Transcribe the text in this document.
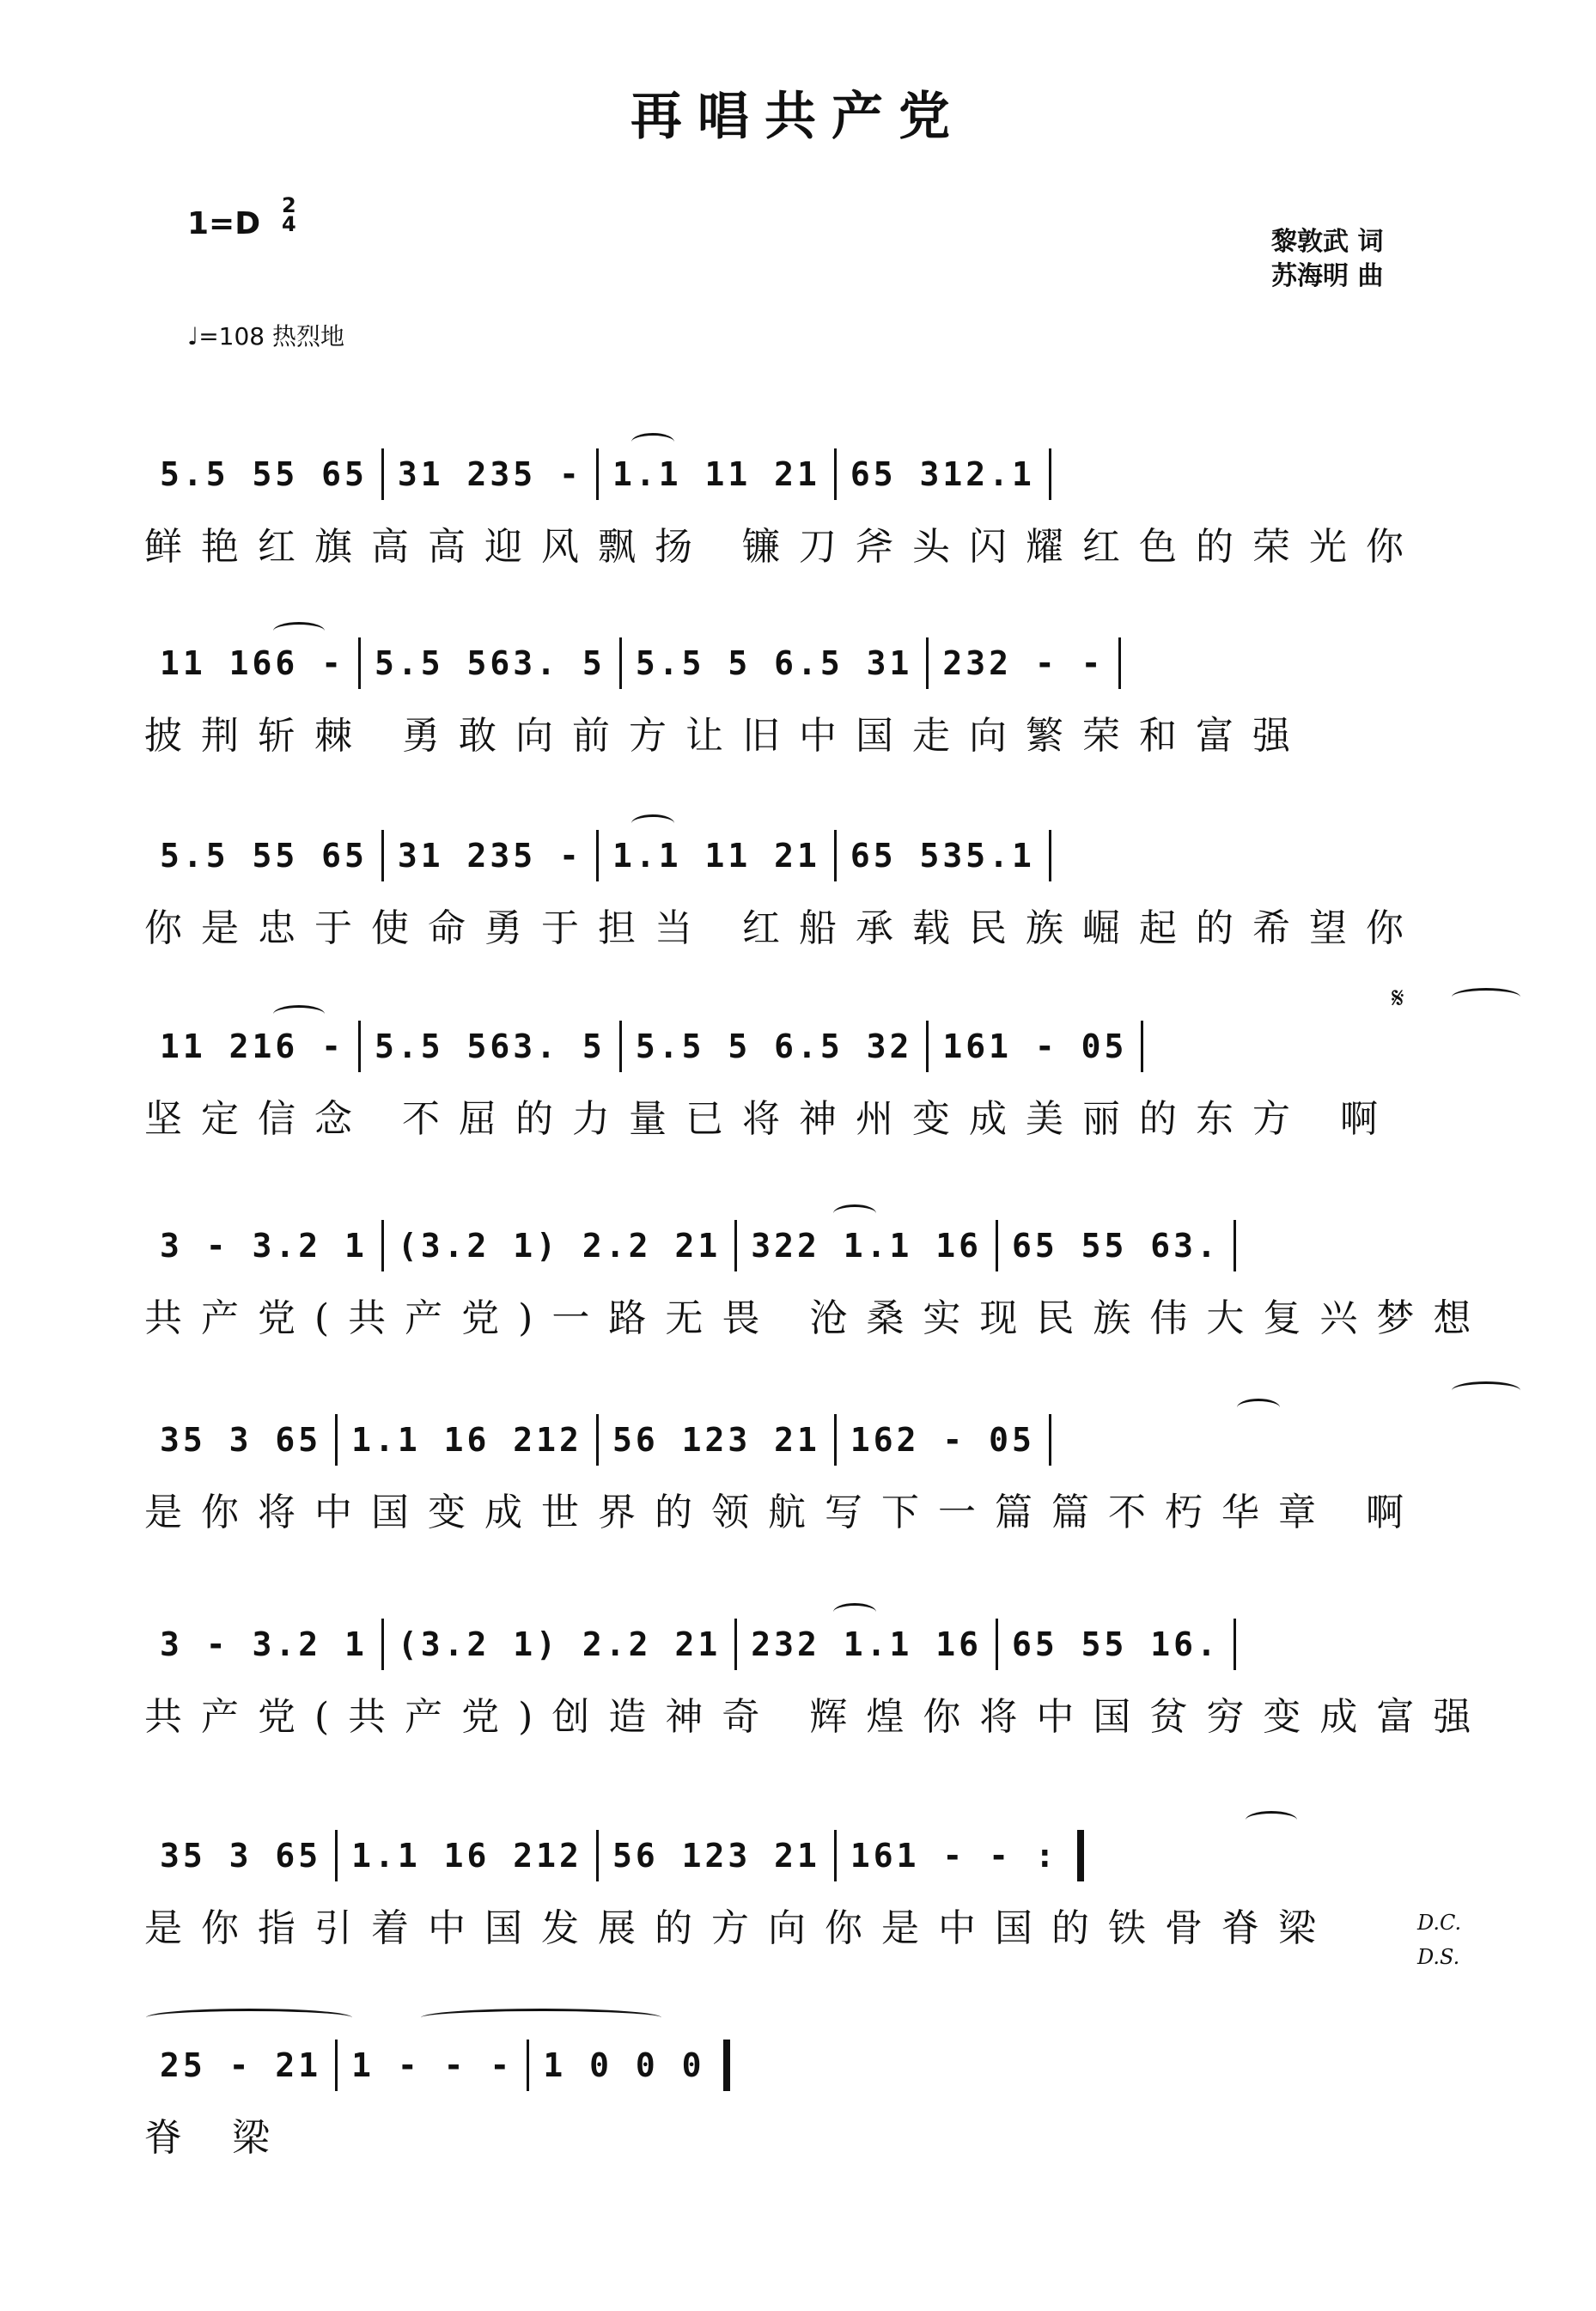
再唱共产党
1=D
2
4
♩=108 热烈地
黎敦武 词
苏海明 曲
5.5 55 65 31 235 - 1.1 11 21 65 312.1
鲜艳红旗高高迎风飘扬 镰刀斧头闪耀红色的荣光你
11 166 - 5.5 563. 5 5.5 5 6.5 31 232 - -
披荆斩棘 勇敢向前方让旧中国走向繁荣和富强
5.5 55 65 31 235 - 1.1 11 21 65 535.1
你是忠于使命勇于担当 红船承载民族崛起的希望你
11 216 - 5.5 563. 5 5.5 5 6.5 32 161 - 05
坚定信念 不屈的力量已将神州变成美丽的东方 啊
𝄋
3 - 3.2 1 (3.2 1) 2.2 21 322 1.1 16 65 55 63.
共产党(共产党)一路无畏 沧桑实现民族伟大复兴梦想
35 3 65 1.1 16 212 56 123 21 162 - 05
是你将中国变成世界的领航写下一篇篇不朽华章 啊
3 - 3.2 1 (3.2 1) 2.2 21 232 1.1 16 65 55 16.
共产党(共产党)创造神奇 辉煌你将中国贫穷变成富强
35 3 65 1.1 16 212 56 123 21 161 - - :
是你指引着中国发展的方向你是中国的铁骨脊梁	D.C.
D.S.
25 - 21 1 - - - 1 0 0 0
脊 梁
